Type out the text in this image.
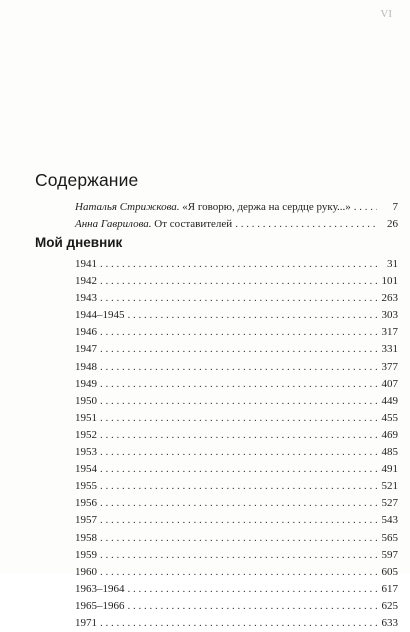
VI
Содержание
Наталья Стрижкова. «Я говорю, держа на сердце руку...» . . .	7
Анна Гаврилова. От составителей . . .	26
Мой дневник
1941 . . .	31
1942 . . .	101
1943 . . .	263
1944–1945 . . .	303
1946 . . .	317
1947 . . .	331
1948 . . .	377
1949 . . .	407
1950 . . .	449
1951 . . .	455
1952 . . .	469
1953 . . .	485
1954 . . .	491
1955 . . .	521
1956 . . .	527
1957 . . .	543
1958 . . .	565
1959 . . .	597
1960 . . .	605
1963–1964 . . .	617
1965–1966 . . .	625
1971 . . .	633
